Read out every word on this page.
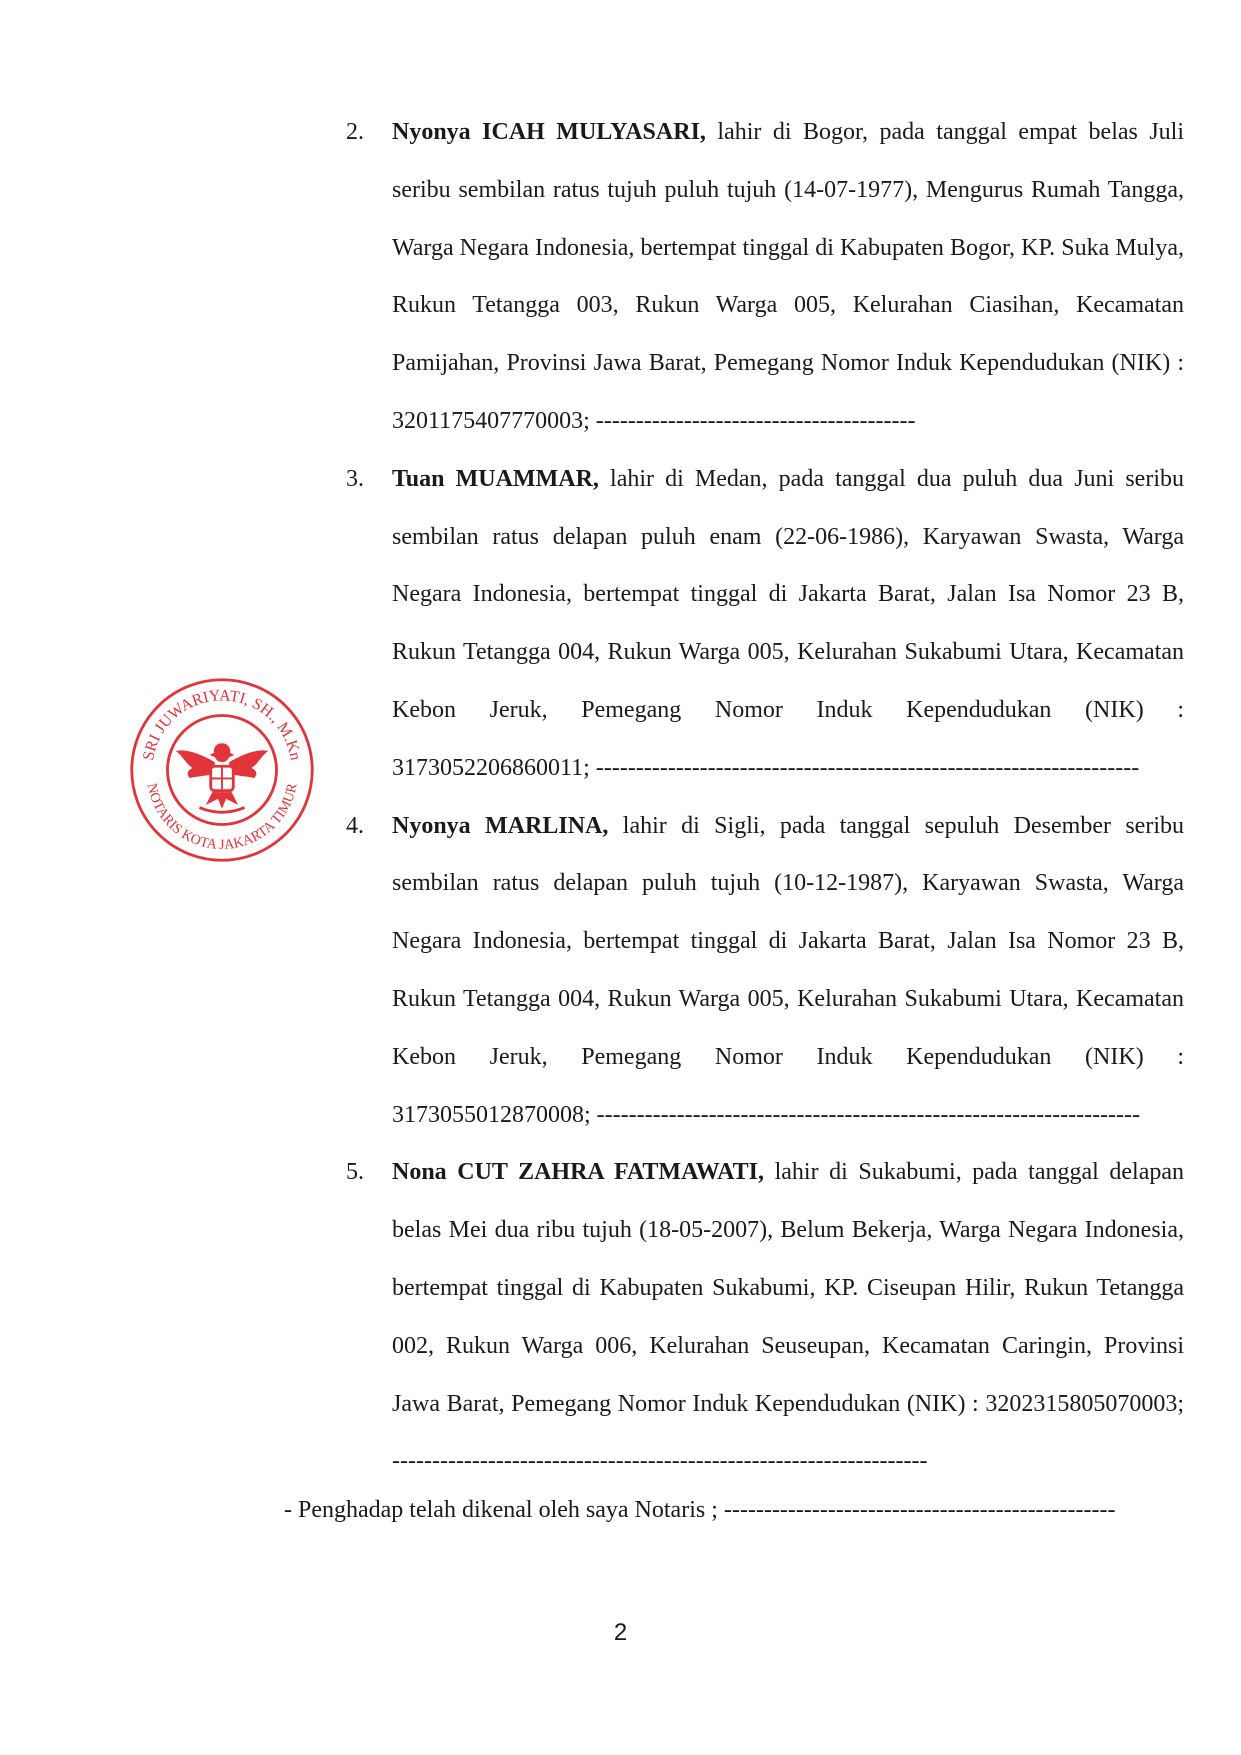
2. Nyonya ICAH MULYASARI, lahir di Bogor, pada tanggal empat belas Juli seribu sembilan ratus tujuh puluh tujuh (14-07-1977), Mengurus Rumah Tangga, Warga Negara Indonesia, bertempat tinggal di Kabupaten Bogor, KP. Suka Mulya, Rukun Tetangga 003, Rukun Warga 005, Kelurahan Ciasihan, Kecamatan Pamijahan, Provinsi Jawa Barat, Pemegang Nomor Induk Kependudukan (NIK) : 3201175407770003; ----------------------------------------
3. Tuan MUAMMAR, lahir di Medan, pada tanggal dua puluh dua Juni seribu sembilan ratus delapan puluh enam (22-06-1986), Karyawan Swasta, Warga Negara Indonesia, bertempat tinggal di Jakarta Barat, Jalan Isa Nomor 23 B, Rukun Tetangga 004, Rukun Warga 005, Kelurahan Sukabumi Utara, Kecamatan Kebon Jeruk, Pemegang Nomor Induk Kependudukan (NIK) : 3173052206860011; --------------------------------------------------------------------
4. Nyonya MARLINA, lahir di Sigli, pada tanggal sepuluh Desember seribu sembilan ratus delapan puluh tujuh (10-12-1987), Karyawan Swasta, Warga Negara Indonesia, bertempat tinggal di Jakarta Barat, Jalan Isa Nomor 23 B, Rukun Tetangga 004, Rukun Warga 005, Kelurahan Sukabumi Utara, Kecamatan Kebon Jeruk, Pemegang Nomor Induk Kependudukan (NIK) : 3173055012870008; --------------------------------------------------------------------
5. Nona CUT ZAHRA FATMAWATI, lahir di Sukabumi, pada tanggal delapan belas Mei dua ribu tujuh (18-05-2007), Belum Bekerja, Warga Negara Indonesia, bertempat tinggal di Kabupaten Sukabumi, KP. Ciseupan Hilir, Rukun Tetangga 002, Rukun Warga 006, Kelurahan Seuseupan, Kecamatan Caringin, Provinsi Jawa Barat, Pemegang Nomor Induk Kependudukan (NIK) : 3202315805070003; -------------------------------------------------------------------
- Penghadap telah dikenal oleh saya Notaris ; -------------------------------------------------
2
SRI JUWARIYATI, SH., M.Kn
NOTARIS KOTA JAKARTA TIMUR
